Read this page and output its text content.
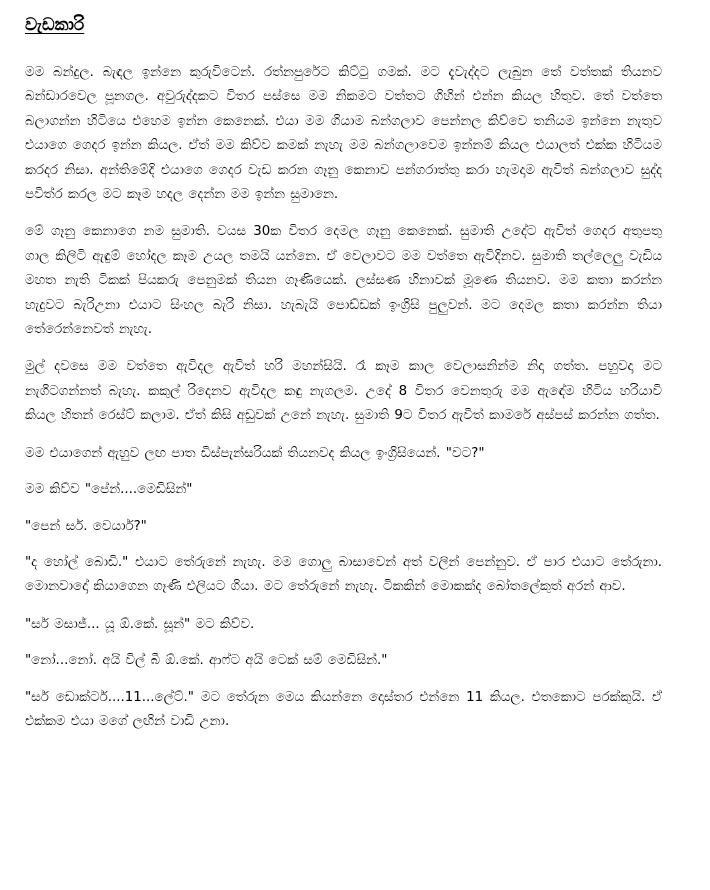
වැඩකාරි

මම බන්දුල. බැඳල ඉන්නෙ කුරුවිටෙන්. රත්නපුරේට කිට්ටු ගමක්. මට දැවැද්දට ලැබුන තේ වත්තක් තියනව බන්ඩාරවෙල පූනගල. අවුරුද්දකට විතර පස්සෙ මම නිකමට වත්තට ගිහින් එන්න කියල හිතුව. තේ වත්තෙ බලාගන්න හිටියෙ එහෙම ඉන්න කෙනෙක්. එයා මම ගියාම බන්ගලාව පෙන්නල කිව්වෙ තනියම ඉන්නෙ නැතුව එයාගෙ ගෙදර ඉන්න කියල. ඒත් මම කිව්ව කමක් නැහැ මම බන්ගලාවෙම ඉන්නම් කියල එයාලත් එක්ක හිටියම කරදර නිසා. අන්තිමේදි එයාගෙ ගෙදර වැඩ කරන ගෑනු කෙනාව පන්ගරාත්තු කරා හැමදාම ඇවිත් බන්ගලාව සුද්ද පවිත්ර කරල මට කෑම හදල දෙන්න මම ඉන්න සුමානෙ.

මේ ගෑනු කෙනාගෙ නම සුමාති. වයස 30ක විතර දෙමල ගෑනු කෙනෙක්. සුමාති උදේට ඇවිත් ගෙදර අතුපතු ගාල කිලිටි ඇඳුම් හෝදල කෑම උයල තමයි යන්නෙ. ඒ වෙලාවට මම වත්තෙ ඇවිදිනව. සුමාති තල්ලෙලු වැඩිය මහත නැති ටිකක් පියකරු පෙනුමක් තියන ගෑණියෙක්. ලස්සණ හිනාවක් මූණෙ තියනව. මම කතා කරන්න හැදුවට බැරිඋනා එයාට සිංහල බැරි නිසා. හැබැයි පොඩ්ඩක් ඉංග්‍රිසි පුලුවන්. මට දෙමල කතා කරන්න තියා තේරෙන්නෙවත් නැහැ.

මුල් දවසෙ මම වත්තෙ ඇවිදල ඇවිත් හරි මහන්සියි. රෑ කෑම කාල වෙලාසනින්ම නිදා ගත්ත. පහුවදා මට නැගිටගන්නත් බැහැ. කකුල් රිදෙනව ඇවිදල කඳු නැගලම. උදේ 8 විතර වෙනතුරු මම ඇඳේම හිටිය හරියාවි කියල හිතන් රෙස්ට් කලාම. ඒත් කිසි අඩුවක් උනේ නැහැ. සුමාති 9ට විතර ඇවිත් කාමරේ අස්පස් කරන්න ගත්ත.

මම එයාගෙන් ඇහුව ලඟ පාත ඩිස්පැන්සරියක් තියනවද කියල ඉංග්‍රිසියෙන්. "වට?"

මම කිව්ව "පේන්....මෙඩිසින්"

"පෙන් සර්. වෙයාර්?"

"ද හෝල් බොඩි." එයාට තේරුනේ නැහැ. මම ගොලු බාසාවෙන් අත් වලින් පෙන්නුව. ඒ පාර එයාට තේරුනා. මොනවාදෝ කියාගෙන ගෑණි එලියට ගියා. මට තේරුනේ නැහැ. ටිකකින් මොකක්ද බෝතලේකුත් අරන් ආව.

"සර් මසාජ්... යූ ඕ.කේ. සූන්" මට කිව්ව.

"නෝ...නෝ. අයි විල් බී ඕ.කේ. ආෆ්ට අයි ටෙක් සම් මෙඩිසින්."

"සර් ඩොක්ටර්....11...ලේට්." මට තේරුන මෙය කියන්නෙ දොස්තර එන්නෙ 11 කියල. එතකොට පරක්කුයි. ඒ එක්කම එයා මගේ ලඟින් වාඩි උනා.
